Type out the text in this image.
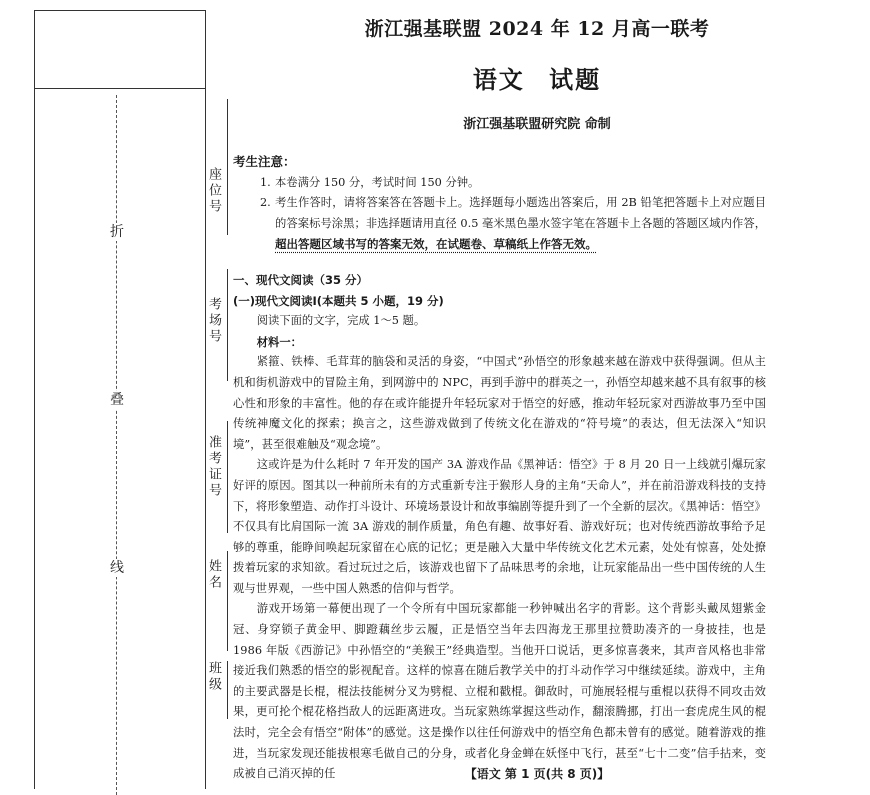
折
叠
线
座位号
考场号
准考证号
姓名
班级
浙江强基联盟 2024 年 12 月高一联考
语文 试题
浙江强基联盟研究院 命制
考生注意：
1. 本卷满分 150 分，考试时间 150 分钟。
2. 考生作答时，请将答案答在答题卡上。选择题每小题选出答案后，用 2B 铅笔把答题卡上对应题目的答案标号涂黑；非选择题请用直径 0.5 毫米黑色墨水签字笔在答题卡上各题的答题区域内作答，超出答题区域书写的答案无效，在试题卷、草稿纸上作答无效。
一、现代文阅读（35 分）
(一)现代文阅读Ⅰ(本题共 5 小题，19 分)
阅读下面的文字，完成 1～5 题。
材料一：
紧箍、铁棒、毛茸茸的脑袋和灵活的身姿，“中国式”孙悟空的形象越来越在游戏中获得强调。但从主机和街机游戏中的冒险主角，到网游中的 NPC，再到手游中的群英之一，孙悟空却越来越不具有叙事的核心性和形象的丰富性。他的存在或许能提升年轻玩家对于悟空的好感，推动年轻玩家对西游故事乃至中国传统神魔文化的探索；换言之，这些游戏做到了传统文化在游戏的“符号境”的表达，但无法深入“知识境”，甚至很难触及“观念境”。
这或许是为什么耗时 7 年开发的国产 3A 游戏作品《黑神话：悟空》于 8 月 20 日一上线就引爆玩家好评的原因。图其以一种前所未有的方式重新专注于猴形人身的主角“天命人”，并在前沿游戏科技的支持下，将形象塑造、动作打斗设计、环境场景设计和故事编剧等提升到了一个全新的层次。《黑神话：悟空》不仅具有比肩国际一流 3A 游戏的制作质量，角色有趣、故事好看、游戏好玩；也对传统西游故事给予足够的尊重，能睁间唤起玩家留在心底的记忆；更是融入大量中华传统文化艺术元素，处处有惊喜，处处撩拨着玩家的求知欲。看过玩过之后，该游戏也留下了品味思考的余地，让玩家能品出一些中国传统的人生观与世界观，一些中国人熟悉的信仰与哲学。
游戏开场第一幕便出现了一个令所有中国玩家都能一秒钟喊出名字的背影。这个背影头戴凤翅紫金冠、身穿锁子黄金甲、脚蹬藕丝步云履，正是悟空当年去四海龙王那里拉赞助凑齐的一身披挂，也是 1986 年版《西游记》中孙悟空的“美猴王”经典造型。当他开口说话，更多惊喜袭来，其声音风格也非常接近我们熟悉的悟空的影视配音。这样的惊喜在随后教学关中的打斗动作学习中继续延续。游戏中，主角的主要武器是长棍，棍法技能树分叉为劈棍、立棍和戳棍。御敌时，可施展轻棍与重棍以获得不同攻击效果，更可抡个棍花格挡敌人的远距离进攻。当玩家熟练掌握这些动作，翻滚腾挪，打出一套虎虎生风的棍法时，完全会有悟空“附体”的感觉。这是操作以往任何游戏中的悟空角色都未曾有的感觉。随着游戏的推进，当玩家发现还能拔根寒毛做自己的分身，或者化身金蝉在妖怪中飞行，甚至“七十二变”信手拈来，变成被自己消灭掉的任	【语文 第 1 页(共 8 页)】
